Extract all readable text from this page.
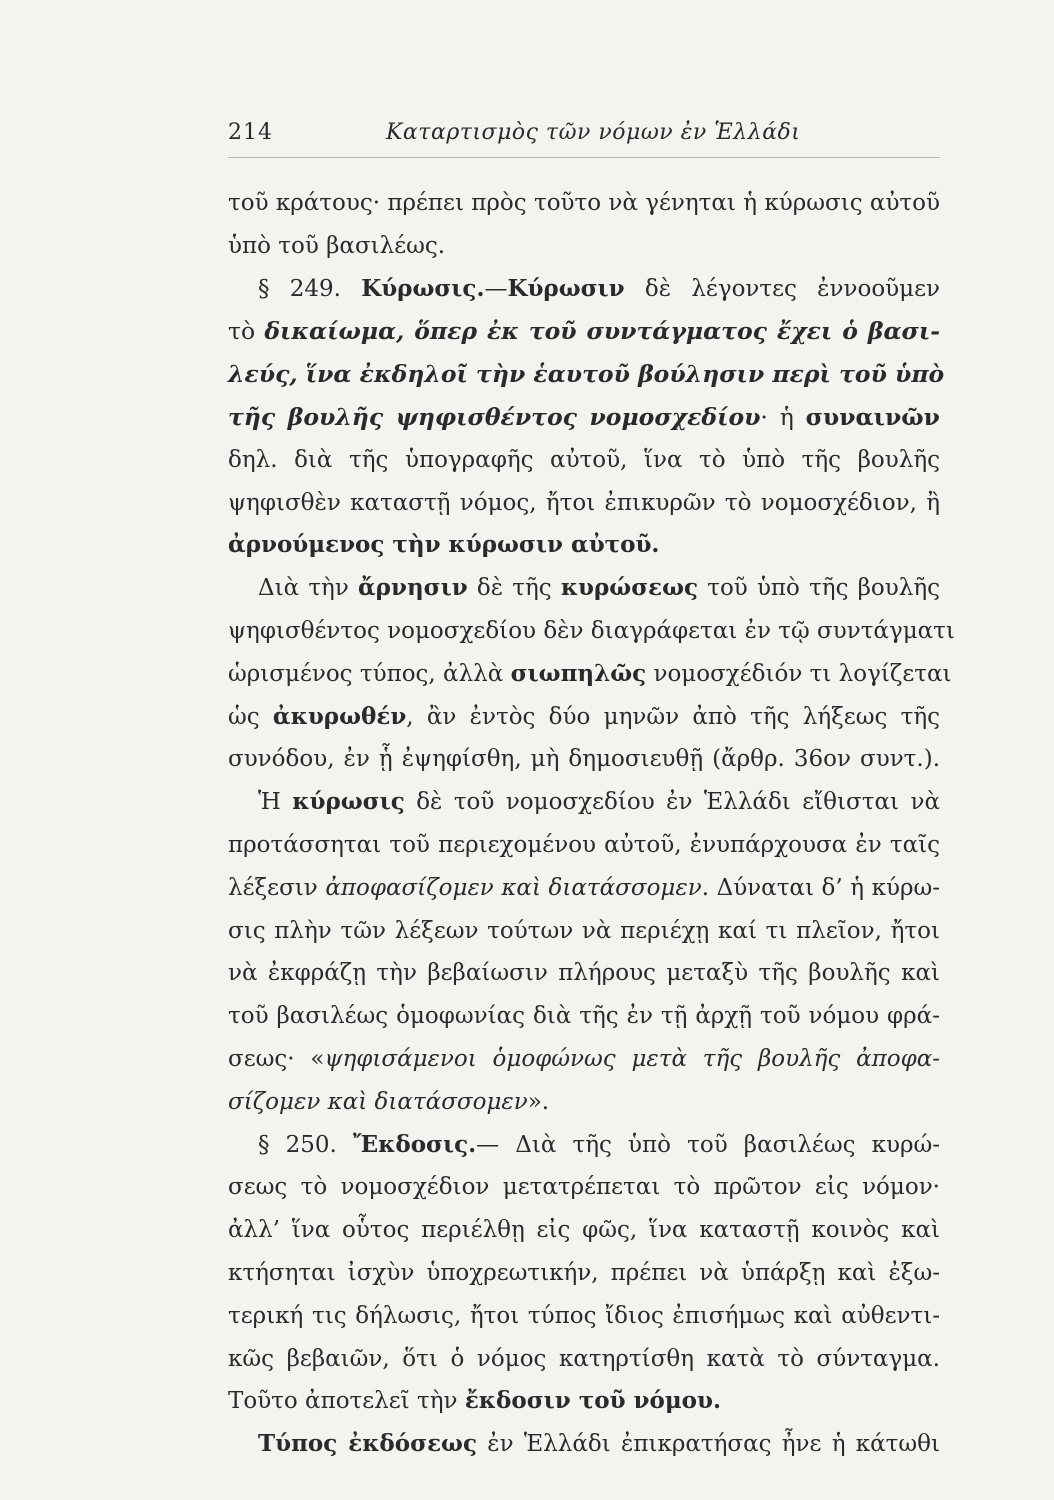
214	Καταρτισμὸς τῶν νόμων ἐν Ἑλλάδι
τοῦ κράτους· πρέπει πρὸς τοῦτο νὰ γένηται ἡ κύρωσις αὐτοῦ
ὑπὸ τοῦ βασιλέως.
§ 249. Κύρωσις.—Κύρωσιν δὲ λέγοντες ἐννοοῦμεν
τὸ δικαίωμα, ὅπερ ἐκ τοῦ συντάγματος ἔχει ὁ βασι-
λεύς, ἵνα ἐκδηλοῖ τὴν ἑαυτοῦ βούλησιν περὶ τοῦ ὑπὸ
τῆς βουλῆς ψηφισθέντος νομοσχεδίου· ἡ συναινῶν
δηλ. διὰ τῆς ὑπογραφῆς αὐτοῦ, ἵνα τὸ ὑπὸ τῆς βουλῆς
ψηφισθὲν καταστῇ νόμος, ἤτοι ἐπικυρῶν τὸ νομοσχέδιον, ἢ
ἀρνούμενος τὴν κύρωσιν αὐτοῦ.
Διὰ τὴν ἄρνησιν δὲ τῆς κυρώσεως τοῦ ὑπὸ τῆς βουλῆς
ψηφισθέντος νομοσχεδίου δὲν διαγράφεται ἐν τῷ συντάγματι
ὡρισμένος τύπος, ἀλλὰ σιωπηλῶς νομοσχέδιόν τι λογίζεται
ὡς ἀκυρωθέν, ἂν ἐντὸς δύο μηνῶν ἀπὸ τῆς λήξεως τῆς
συνόδου, ἐν ᾗ ἐψηφίσθη, μὴ δημοσιευθῇ (ἄρθρ. 36ον συντ.).
Ἡ κύρωσις δὲ τοῦ νομοσχεδίου ἐν Ἑλλάδι εἴθισται νὰ
προτάσσηται τοῦ περιεχομένου αὐτοῦ, ἐνυπάρχουσα ἐν ταῖς
λέξεσιν ἀποφασίζομεν καὶ διατάσσομεν. Δύναται δ’ ἡ κύρω-
σις πλὴν τῶν λέξεων τούτων νὰ περιέχῃ καί τι πλεῖον, ἤτοι
νὰ ἐκφράζῃ τὴν βεβαίωσιν πλήρους μεταξὺ τῆς βουλῆς καὶ
τοῦ βασιλέως ὁμοφωνίας διὰ τῆς ἐν τῇ ἀρχῇ τοῦ νόμου φρά-
σεως· «ψηφισάμενοι ὁμοφώνως μετὰ τῆς βουλῆς ἀποφα-
σίζομεν καὶ διατάσσομεν».
§ 250. Ἔκδοσις.— Διὰ τῆς ὑπὸ τοῦ βασιλέως κυρώ-
σεως τὸ νομοσχέδιον μετατρέπεται τὸ πρῶτον εἰς νόμον·
ἀλλ’ ἵνα οὗτος περιέλθῃ εἰς φῶς, ἵνα καταστῇ κοινὸς καὶ
κτήσηται ἰσχὺν ὑποχρεωτικήν, πρέπει νὰ ὑπάρξῃ καὶ ἐξω-
τερική τις δήλωσις, ἤτοι τύπος ἴδιος ἐπισήμως καὶ αὐθεντι-
κῶς βεβαιῶν, ὅτι ὁ νόμος κατηρτίσθη κατὰ τὸ σύνταγμα.
Τοῦτο ἀποτελεῖ τὴν ἔκδοσιν τοῦ νόμου.
Τύπος ἐκδόσεως ἐν Ἑλλάδι ἐπικρατήσας ἦνε ἡ κάτωθι
